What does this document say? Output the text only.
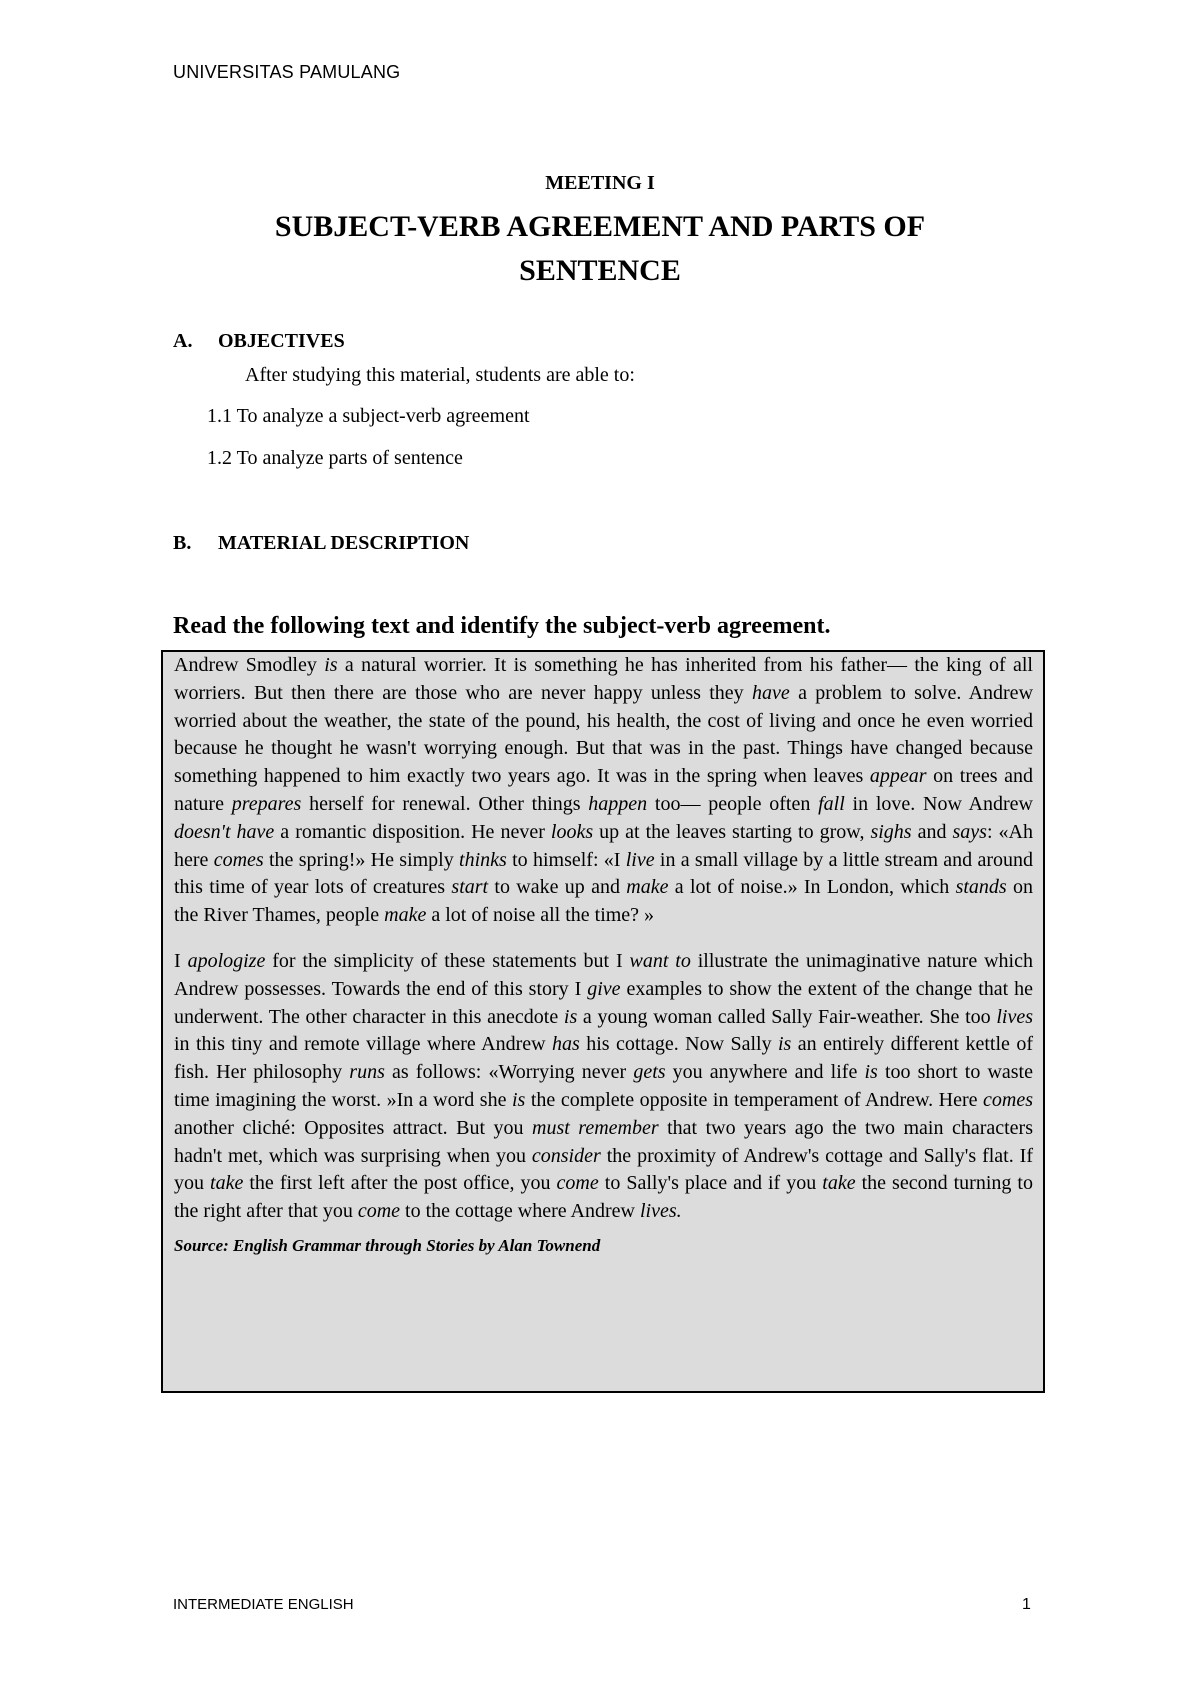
UNIVERSITAS PAMULANG
MEETING I
SUBJECT-VERB AGREEMENT AND PARTS OF
SENTENCE
A. OBJECTIVES
After studying this material, students are able to:
1.1 To analyze a subject-verb agreement
1.2 To analyze parts of sentence
B. MATERIAL DESCRIPTION
Read the following text and identify the subject-verb agreement.

Andrew Smodley is a natural worrier. It is something he has inherited from his father— the king of all worriers. But then there are those who are never happy unless they have a problem to solve. Andrew worried about the weather, the state of the pound, his health, the cost of living and once he even worried because he thought he wasn't worrying enough. But that was in the past. Things have changed because something happened to him exactly two years ago. It was in the spring when leaves appear on trees and nature prepares herself for renewal. Other things happen too— people often fall in love. Now Andrew doesn't have a romantic disposition. He never looks up at the leaves starting to grow, sighs and says: «Ah here comes the spring!» He simply thinks to himself: «I live in a small village by a little stream and around this time of year lots of creatures start to wake up and make a lot of noise.» In London, which stands on the River Thames, people make a lot of noise all the time? »

I apologize for the simplicity of these statements but I want to illustrate the unimaginative nature which Andrew possesses. Towards the end of this story I give examples to show the extent of the change that he underwent. The other character in this anecdote is a young woman called Sally Fair-weather. She too lives in this tiny and remote village where Andrew has his cottage. Now Sally is an entirely different kettle of fish. Her philosophy runs as follows: «Worrying never gets you anywhere and life is too short to waste time imagining the worst. »In a word she is the complete opposite in temperament of Andrew. Here comes another cliché: Opposites attract. But you must remember that two years ago the two main characters hadn't met, which was surprising when you consider the proximity of Andrew's cottage and Sally's flat. If you take the first left after the post office, you come to Sally's place and if you take the second turning to the right after that you come to the cottage where Andrew lives.

Source: English Grammar through Stories by Alan Townend

INTERMEDIATE ENGLISH	1
